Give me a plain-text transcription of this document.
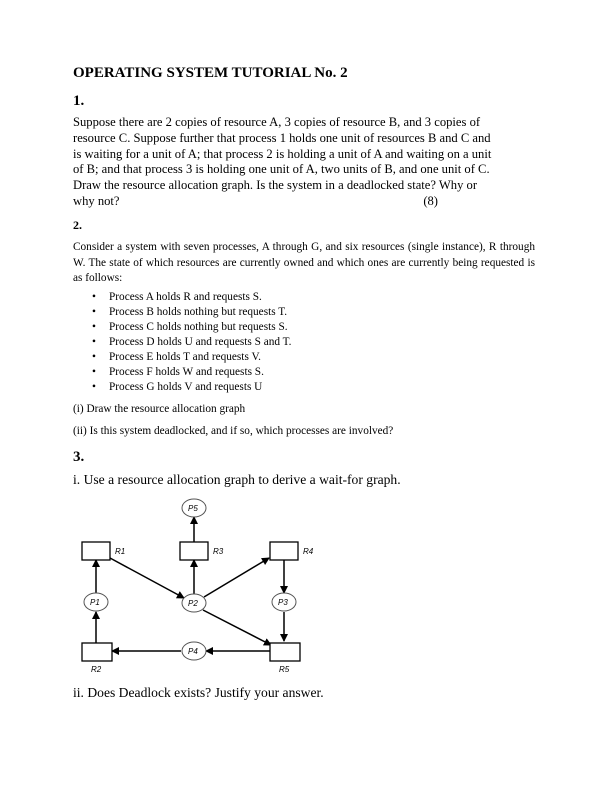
OPERATING SYSTEM TUTORIAL No. 2
1.
Suppose there are 2 copies of resource A, 3 copies of resource B, and 3 copies of
resource C. Suppose further that process 1 holds one unit of resources B and C and
is waiting for a unit of A; that process 2 is holding a unit of A and waiting on a unit
of B; and that process 3 is holding one unit of A, two units of B, and one unit of C.
Draw the resource allocation graph. Is the system in a deadlocked state? Why or
why not?	(8)
2.
Consider a system with seven processes, A through G, and six resources (single instance), R through W. The state of which resources are currently owned and which ones are currently being requested is as follows:
• Process A holds R and requests S.
• Process B holds nothing but requests T.
• Process C holds nothing but requests S.
• Process D holds U and requests S and T.
• Process E holds T and requests V.
• Process F holds W and requests S.
• Process G holds V and requests U
(i) Draw the resource allocation graph
(ii) Is this system deadlocked, and if so, which processes are involved?
3.
i. Use a resource allocation graph to derive a wait-for graph.
R1	R3	R4
R2	R5
P5
P1	P2	P3
P4
ii. Does Deadlock exists? Justify your answer.
